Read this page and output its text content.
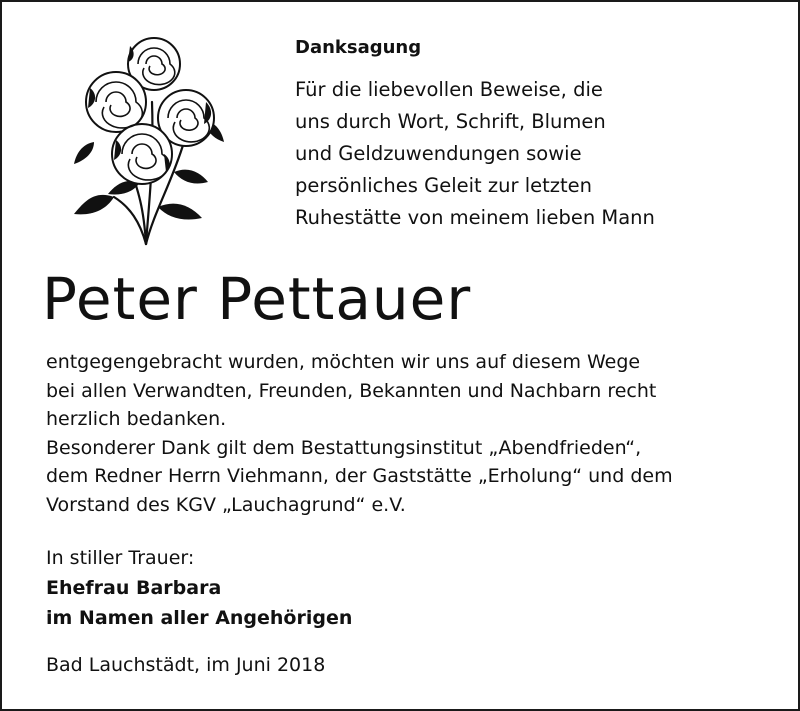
Danksagung
Für die liebevollen Beweise, die
uns durch Wort, Schrift, Blumen
und Geldzuwendungen sowie
persönliches Geleit zur letzten
Ruhestätte von meinem lieben Mann
Peter Pettauer
entgegengebracht wurden, möchten wir uns auf diesem Wege
bei allen Verwandten, Freunden, Bekannten und Nachbarn recht
herzlich bedanken.
Besonderer Dank gilt dem Bestattungsinstitut „Abendfrieden“,
dem Redner Herrn Viehmann, der Gaststätte „Erholung“ und dem
Vorstand des KGV „Lauchagrund“ e.V.
In stiller Trauer:
Ehefrau Barbara
im Namen aller Angehörigen
Bad Lauchstädt, im Juni 2018
